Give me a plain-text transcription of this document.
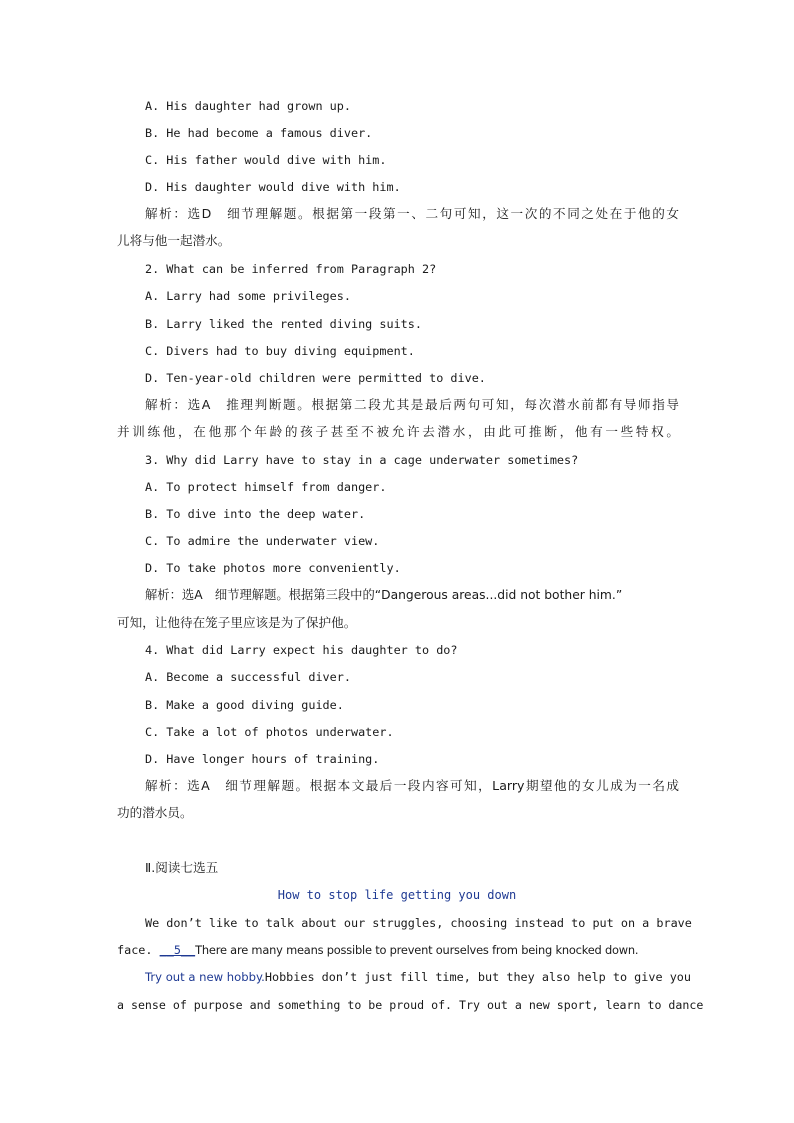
A. His daughter had grown up.
B. He had become a famous diver.
C. His father would dive with him.
D. His daughter would dive with him.
解析：选D　细节理解题。根据第一段第一、二句可知，这一次的不同之处在于他的女
儿将与他一起潜水。
2. What can be inferred from Paragraph 2?
A. Larry had some privileges.
B. Larry liked the rented diving suits.
C. Divers had to buy diving equipment.
D. Ten-year-old children were permitted to dive.
解析：选A　推理判断题。根据第二段尤其是最后两句可知，每次潜水前都有导师指导
并训练他，在他那个年龄的孩子甚至不被允许去潜水，由此可推断，他有一些特权。
3. Why did Larry have to stay in a cage underwater sometimes?
A. To protect himself from danger.
B. To dive into the deep water.
C. To admire the underwater view.
D. To take photos more conveniently.
解析：选A　细节理解题。根据第三段中的“Dangerous areas...did not bother him.”
可知，让他待在笼子里应该是为了保护他。
4. What did Larry expect his daughter to do?
A. Become a successful diver.
B. Make a good diving guide.
C. Take a lot of photos underwater.
D. Have longer hours of training.
解析：选A　细节理解题。根据本文最后一段内容可知，Larry期望他的女儿成为一名成
功的潜水员。
Ⅱ.阅读七选五
How to stop life getting you down
We don’t like to talk about our struggles, choosing instead to put on a brave
face. __5__There are many means possible to prevent ourselves from being knocked down.
Try out a new hobby.Hobbies don’t just fill time, but they also help to give you
a sense of purpose and something to be proud of. Try out a new sport, learn to dance
